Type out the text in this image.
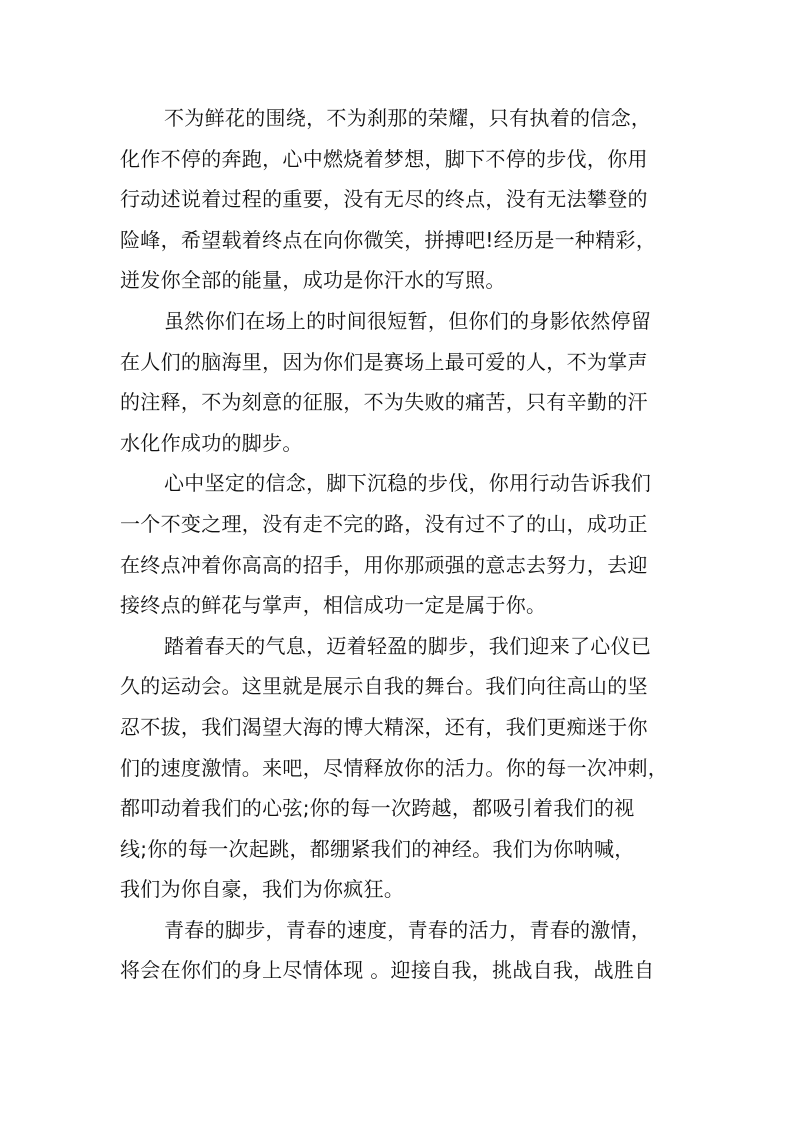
不为鲜花的围绕，不为刹那的荣耀，只有执着的信念，

化作不停的奔跑，心中燃烧着梦想，脚下不停的步伐，你用

行动述说着过程的重要，没有无尽的终点，没有无法攀登的

险峰，希望载着终点在向你微笑，拼搏吧!经历是一种精彩，

迸发你全部的能量，成功是你汗水的写照。

虽然你们在场上的时间很短暂，但你们的身影依然停留

在人们的脑海里，因为你们是赛场上最可爱的人，不为掌声

的注释，不为刻意的征服，不为失败的痛苦，只有辛勤的汗

水化作成功的脚步。

心中坚定的信念，脚下沉稳的步伐，你用行动告诉我们

一个不变之理，没有走不完的路，没有过不了的山，成功正

在终点冲着你高高的招手，用你那顽强的意志去努力，去迎

接终点的鲜花与掌声，相信成功一定是属于你。

踏着春天的气息，迈着轻盈的脚步，我们迎来了心仪已

久的运动会。这里就是展示自我的舞台。我们向往高山的坚

忍不拔，我们渴望大海的博大精深，还有，我们更痴迷于你

们的速度激情。来吧，尽情释放你的活力。你的每一次冲刺，

都叩动着我们的心弦;你的每一次跨越，都吸引着我们的视

线;你的每一次起跳，都绷紧我们的神经。我们为你呐喊，

我们为你自豪，我们为你疯狂。

青春的脚步，青春的速度，青春的活力，青春的激情，

将会在你们的身上尽情体现 。迎接自我，挑战自我，战胜自
